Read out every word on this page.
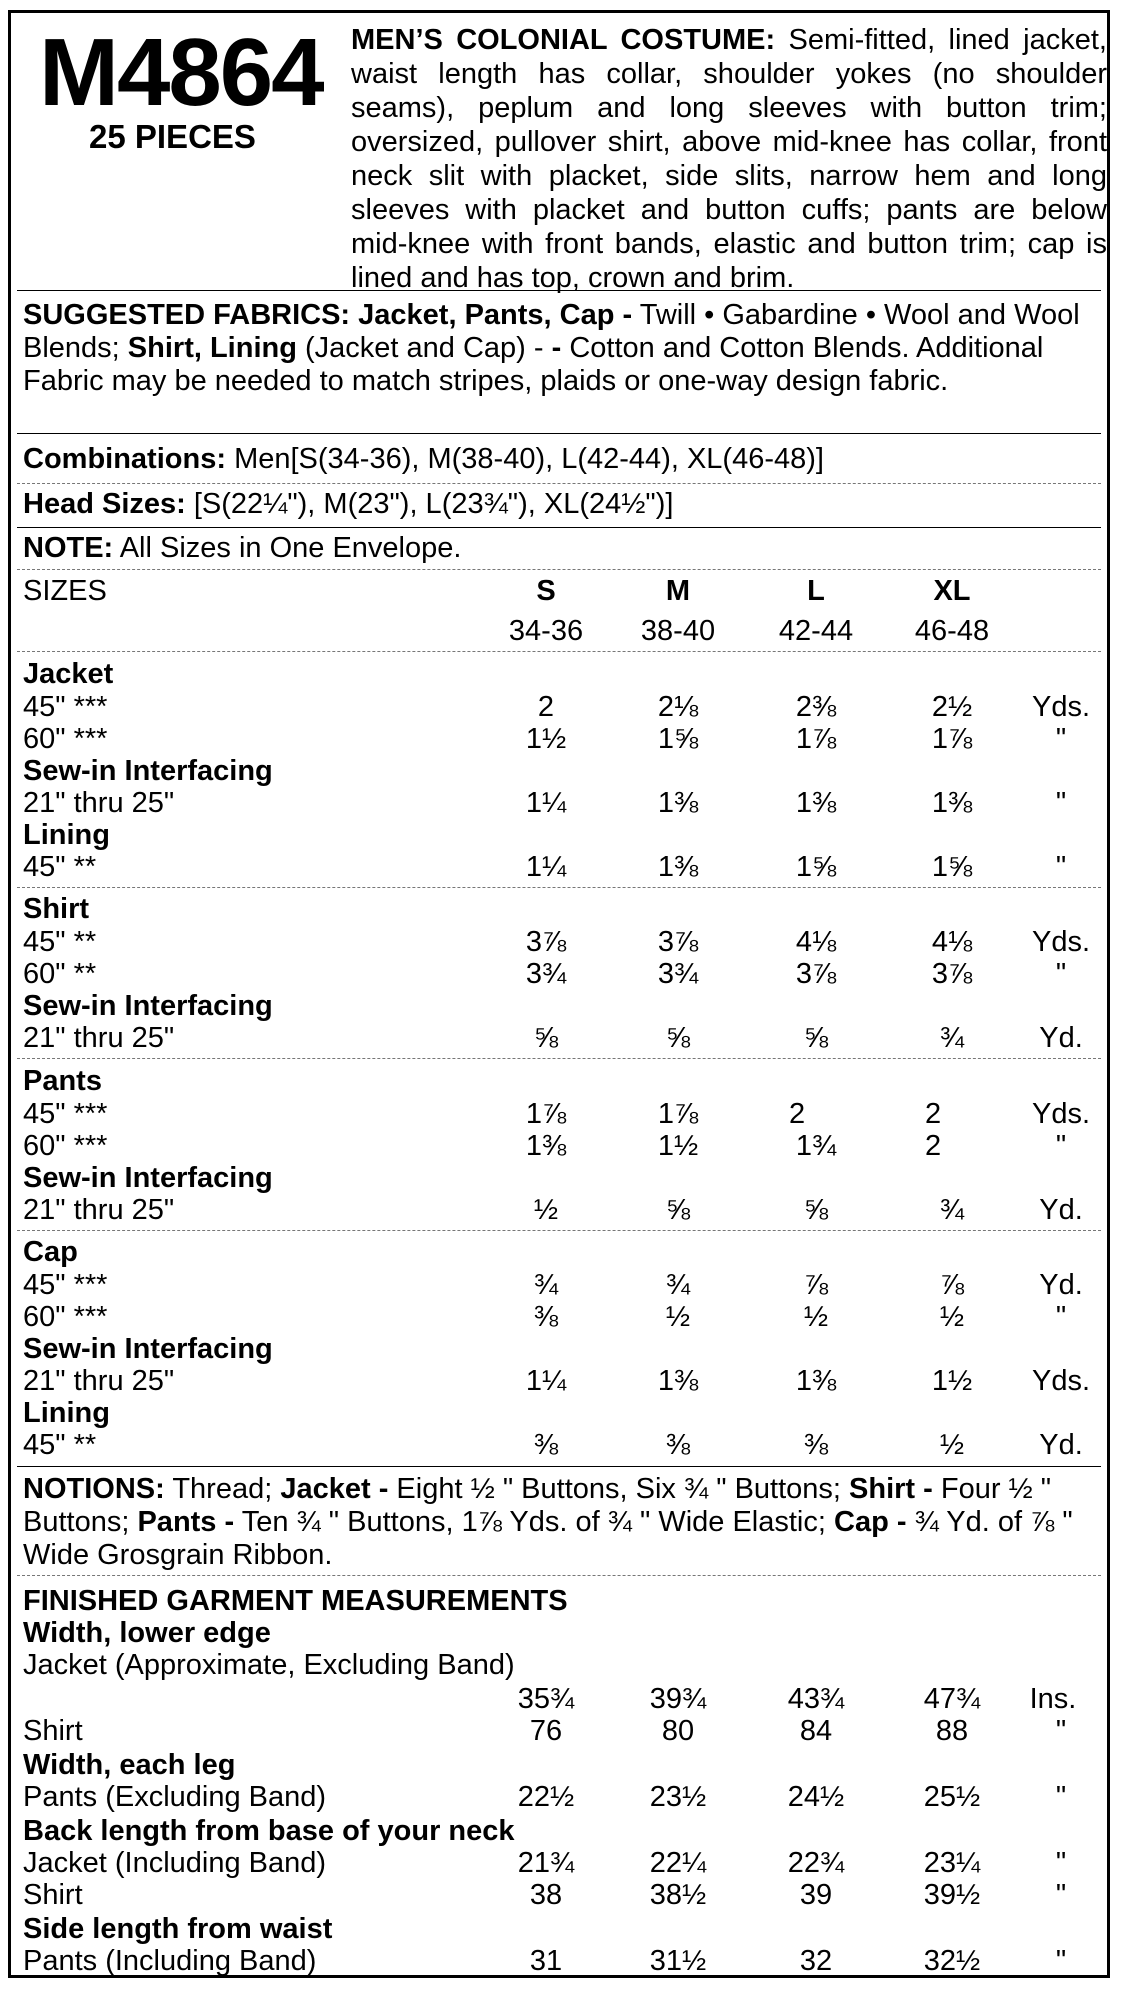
M4864
25 PIECES
MEN’S COLONIAL COSTUME: Semi-fitted, lined jacket, waist length has collar, shoulder yokes (no shoulder seams), peplum and long sleeves with button trim; oversized, pullover shirt, above mid-knee has collar, front neck slit with placket, side slits, narrow hem and long sleeves with placket and button cuffs; pants are below mid-knee with front bands, elastic and button trim; cap is lined and has top, crown and brim.
SUGGESTED FABRICS: Jacket, Pants, Cap - Twill • Gabardine • Wool and Wool Blends; Shirt, Lining (Jacket and Cap) - - Cotton and Cotton Blends. Additional Fabric may be needed to match stripes, plaids or one-way design fabric.
Combinations: Men[S(34-36), M(38-40), L(42-44), XL(46-48)]
Head Sizes: [S(22¼"), M(23"), L(23¾"), XL(24½")]
NOTE: All Sizes in One Envelope.
SIZES	S	M	L	XL
34-36	38-40	42-44	46-48
Jacket
45" ***	2	2⅛	2⅜	2½	Yds.
60" ***	1½	1⅝	1⅞	1⅞	"
Sew-in Interfacing
21" thru 25"	1¼	1⅜	1⅜	1⅜	"
Lining
45" **	1¼	1⅜	1⅝	1⅝	"
Shirt
45" **	3⅞	3⅞	4⅛	4⅛	Yds.
60" **	3¾	3¾	3⅞	3⅞	"
Sew-in Interfacing
21" thru 25"	⅝	⅝	⅝	¾	Yd.
Pants
45" ***	1⅞	1⅞	2	2	Yds.
60" ***	1⅜	1½	1¾	2	"
Sew-in Interfacing
21" thru 25"	½	⅝	⅝	¾	Yd.
Cap
45" ***	¾	¾	⅞	⅞	Yd.
60" ***	⅜	½	½	½	"
Sew-in Interfacing
21" thru 25"	1¼	1⅜	1⅜	1½	Yds.
Lining
45" **	⅜	⅜	⅜	½	Yd.
NOTIONS: Thread; Jacket - Eight ½ " Buttons, Six ¾ " Buttons; Shirt - Four ½ " Buttons; Pants - Ten ¾ " Buttons, 1⅞ Yds. of ¾ " Wide Elastic; Cap - ¾ Yd. of ⅞ " Wide Grosgrain Ribbon.
FINISHED GARMENT MEASUREMENTS
Width, lower edge
Jacket (Approximate, Excluding Band)
35¾	39¾	43¾	47¾	Ins.
Shirt	76	80	84	88	"
Width, each leg
Pants (Excluding Band)	22½	23½	24½	25½	"
Back length from base of your neck
Jacket (Including Band)	21¾	22¼	22¾	23¼	"
Shirt	38	38½	39	39½	"
Side length from waist
Pants (Including Band)	31	31½	32	32½	"
